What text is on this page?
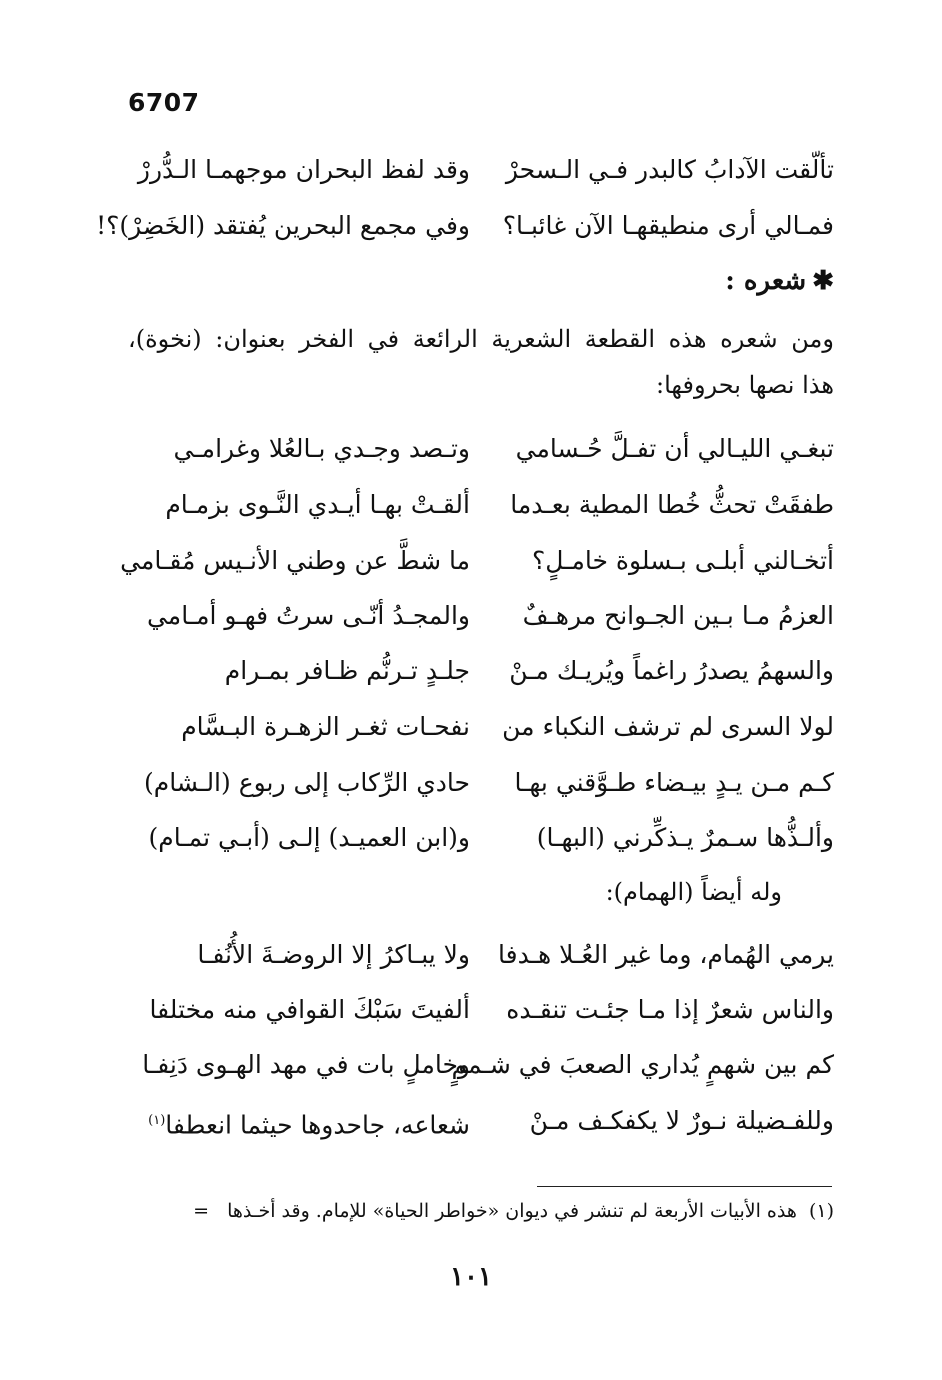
6707
تألّقت الآدابُ كالبدر فـي الـسحرْ
وقد لفظ البحران موجهمـا الـدُّررْ
فمـالي أرى منطيقهـا الآن غائبـا؟
وفي مجمع البحرين يُفتقد (الخَضِرْ)؟!
✱شعره :
ومن شعره هذه القطعة الشعرية الرائعة في الفخر بعنوان: (نخوة)،
هذا نصها بحروفها:
تبغـي الليـالي أن تفـلَّ حُـسامي
وتـصد وجـدي بـالعُلا وغرامـي
طفقَتْ تحثُّ خُطا المطية بعـدما
ألقـتْ بهـا أيـدي النَّـوى بزمـام
أتخـالني أبلـى بـسلوة خامـلٍ؟
ما شطَّ عن وطني الأنـيس مُقـامي
العزمُ مـا بـين الجـوانح مرهـفٌ
والمجـدُ أنّـى سرتُ فهـو أمـامي
والسهمُ يصدرُ راغماً ويُريـك مـنْ
جلـدٍ تـرنُّم ظـافر بمـرام
لولا السرى لم ترشف النكباء من
نفحـات ثغـر الزهـرة البـسَّام
كـم مـن يـدٍ بيـضاء طـوَّقني بهـا
حادي الرِّكاب إلى ربوع (الـشام)
وألـذُّها سـمرٌ يـذكِّرني (البهـا)
و(ابن العميـد) إلـى (أبـي تمـام)
وله أيضاً (الهمام):
يرمي الهُمام، وما غير العُـلا هـدفا
ولا يبـاكرُ إلا الروضـةَ الأُنُفـا
والناس شعرٌ إذا مـا جئـت تنقـده
ألفيتَ سَبْكَ القوافي منه مختلفا
كم بين شهمٍ يُداري الصعبَ في شـممٍ
وخاملٍ بات في مهد الهـوى دَنِفـا
وللفـضيلة نـورٌ لا يكفكـف مـنْ
شعاعه، جاحدوها حيثما انعطفا$^{(١)}$
(١)  هذه الأبيات الأربعة لم تنشر في ديوان «خواطر الحياة» للإمام. وقد أخـذها   =
١٠١
